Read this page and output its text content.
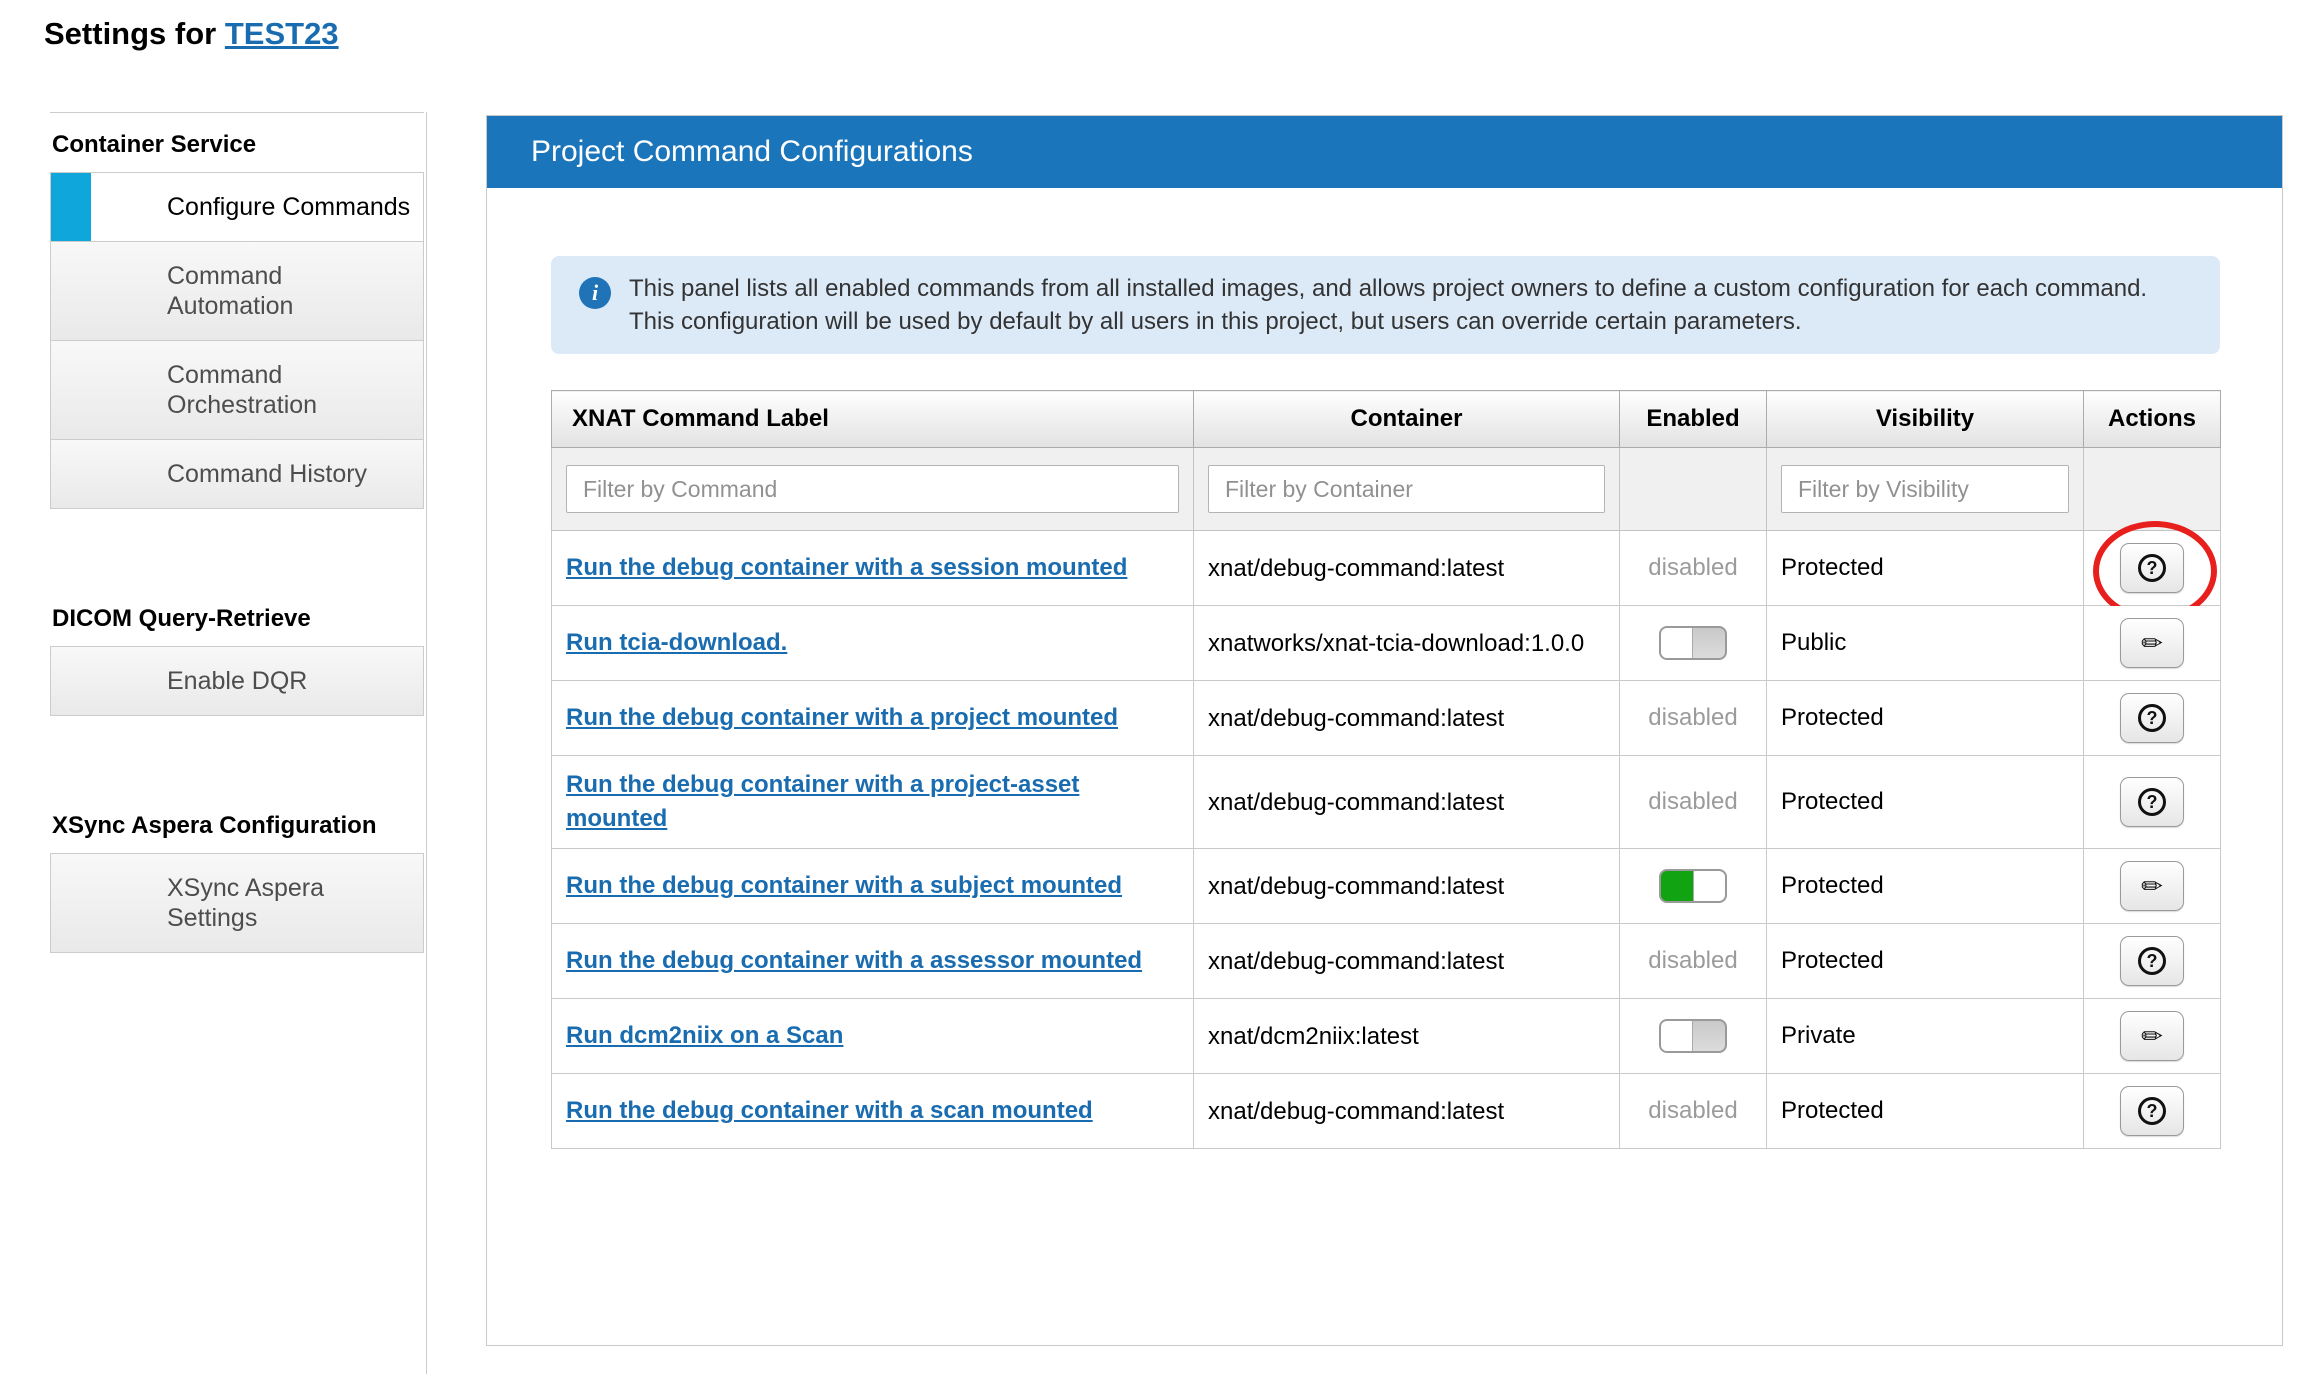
Settings for TEST23
Container Service
Configure Commands
Command Automation
Command Orchestration
Command History
DICOM Query-Retrieve
Enable DQR
XSync Aspera Configuration
XSync Aspera Settings
Project Command Configurations
i	This panel lists all enabled commands from all installed images, and allows project owners to define a custom configuration for each command. This configuration will be used by default by all users in this project, but users can override certain parameters.
XNAT Command Label	Container	Enabled	Visibility	Actions
Filter by Command	Filter by Container		Filter by Visibility	
Run the debug container with a session mounted	xnat/debug-command:latest	disabled	Protected	?

Run tcia-download.	xnatworks/xnat-tcia-download:1.0.0		Public	✏

Run the debug container with a project mounted	xnat/debug-command:latest	disabled	Protected	?

Run the debug container with a project-asset mounted	xnat/debug-command:latest	disabled	Protected	?

Run the debug container with a subject mounted	xnat/debug-command:latest		Protected	✏

Run the debug container with a assessor mounted	xnat/debug-command:latest	disabled	Protected	?

Run dcm2niix on a Scan	xnat/dcm2niix:latest		Private	✏

Run the debug container with a scan mounted	xnat/debug-command:latest	disabled	Protected	?
